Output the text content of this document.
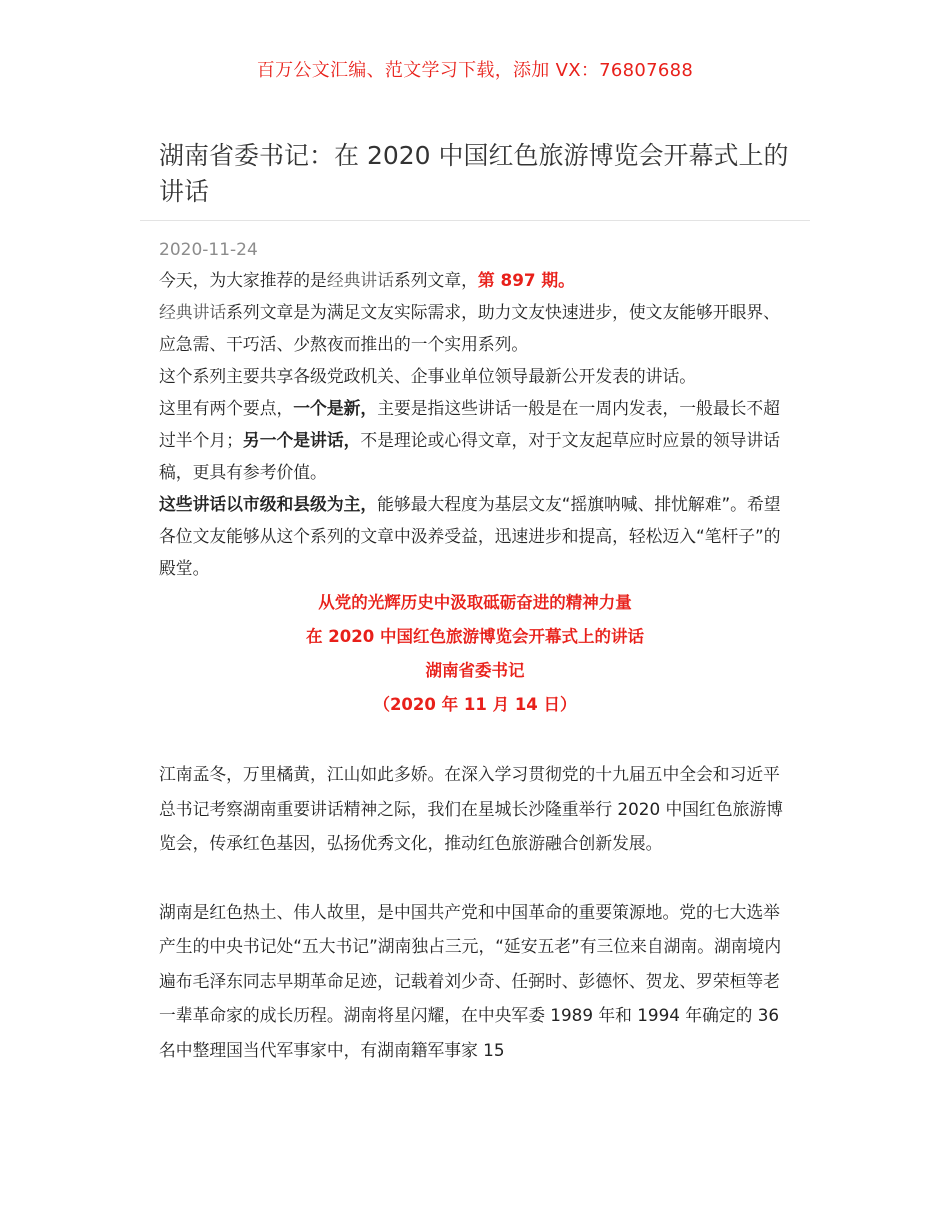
百万公文汇编、范文学习下载，添加 VX：76807688
湖南省委书记：在 2020 中国红色旅游博览会开幕式上的讲话
2020-11-24

今天，为大家推荐的是经典讲话系列文章，第 897 期。

经典讲话系列文章是为满足文友实际需求，助力文友快速进步，使文友能够开眼界、应急需、干巧活、少熬夜而推出的一个实用系列。

这个系列主要共享各级党政机关、企事业单位领导最新公开发表的讲话。

这里有两个要点，一个是新，主要是指这些讲话一般是在一周内发表，一般最长不超过半个月；另一个是讲话，不是理论或心得文章，对于文友起草应时应景的领导讲话稿，更具有参考价值。

这些讲话以市级和县级为主，能够最大程度为基层文友“摇旗呐喊、排忧解难”。希望各位文友能够从这个系列的文章中汲养受益，迅速进步和提高，轻松迈入“笔杆子”的殿堂。

从党的光辉历史中汲取砥砺奋进的精神力量
在 2020 中国红色旅游博览会开幕式上的讲话
湖南省委书记
（2020 年 11 月 14 日）

江南孟冬，万里橘黄，江山如此多娇。在深入学习贯彻党的十九届五中全会和习近平总书记考察湖南重要讲话精神之际，我们在星城长沙隆重举行 2020 中国红色旅游博览会，传承红色基因，弘扬优秀文化，推动红色旅游融合创新发展。

湖南是红色热土、伟人故里，是中国共产党和中国革命的重要策源地。党的七大选举产生的中央书记处“五大书记”湖南独占三元，“延安五老”有三位来自湖南。湖南境内遍布毛泽东同志早期革命足迹，记载着刘少奇、任弼时、彭德怀、贺龙、罗荣桓等老一辈革命家的成长历程。湖南将星闪耀，在中央军委 1989 年和 1994 年确定的 36 名中整理国当代军事家中，有湖南籍军事家 15
